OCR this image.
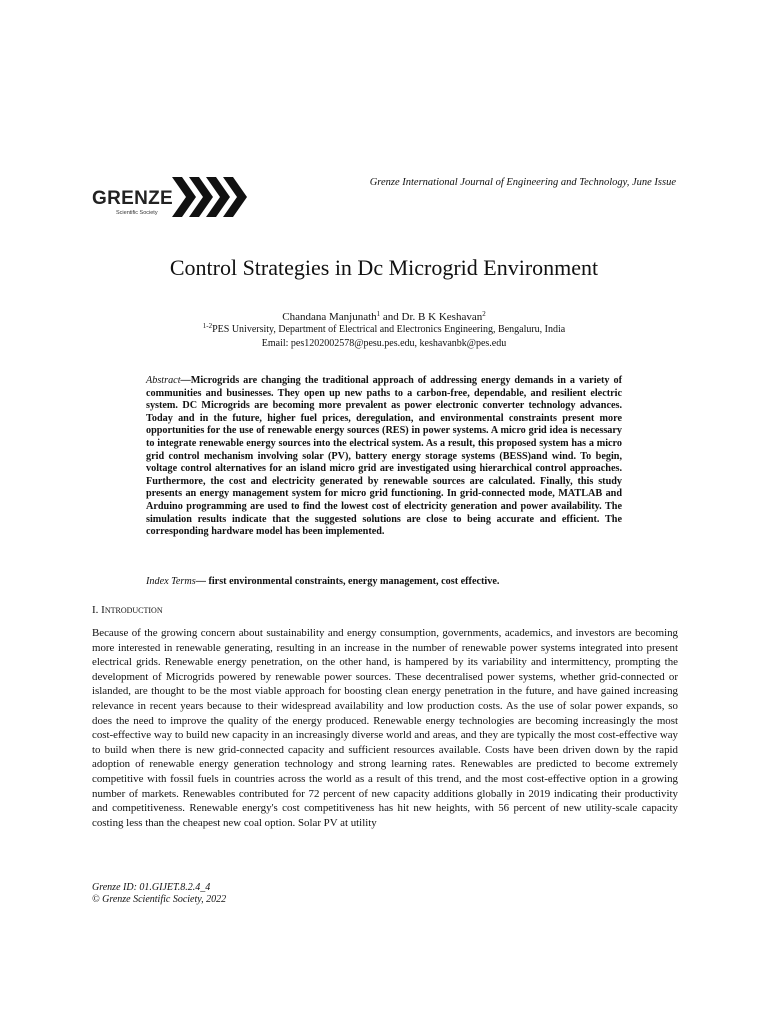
GRENZE
Scientific Society
Grenze International Journal of Engineering and Technology, June Issue
Control Strategies in Dc Microgrid Environment
Chandana Manjunath$^1$ and Dr. B K Keshavan$^2$
$^{1-2}$PES University, Department of Electrical and Electronics Engineering, Bengaluru, India
Email: pes1202002578@pesu.pes.edu, keshavanbk@pes.edu
Abstract—Microgrids are changing the traditional approach of addressing energy demands in a variety of communities and businesses. They open up new paths to a carbon-free, dependable, and resilient electric system. DC Microgrids are becoming more prevalent as power electronic converter technology advances. Today and in the future, higher fuel prices, deregulation, and environmental constraints present more opportunities for the use of renewable energy sources (RES) in power systems. A micro grid idea is necessary to integrate renewable energy sources into the electrical system. As a result, this proposed system has a micro grid control mechanism involving solar (PV), battery energy storage systems (BESS)and wind. To begin, voltage control alternatives for an island micro grid are investigated using hierarchical control approaches. Furthermore, the cost and electricity generated by renewable sources are calculated. Finally, this study presents an energy management system for micro grid functioning. In grid-connected mode, MATLAB and Arduino programming are used to find the lowest cost of electricity generation and power availability. The simulation results indicate that the suggested solutions are close to being accurate and efficient. The corresponding hardware model has been implemented.
Index Terms— first environmental constraints, energy management, cost effective.
I. Introduction
Because of the growing concern about sustainability and energy consumption, governments, academics, and investors are becoming more interested in renewable generating, resulting in an increase in the number of renewable power systems integrated into present electrical grids. Renewable energy penetration, on the other hand, is hampered by its variability and intermittency, prompting the development of Microgrids powered by renewable power sources. These decentralised power systems, whether grid-connected or islanded, are thought to be the most viable approach for boosting clean energy penetration in the future, and have gained increasing relevance in recent years because to their widespread availability and low production costs. As the use of solar power expands, so does the need to improve the quality of the energy produced. Renewable energy technologies are becoming increasingly the most cost-effective way to build new capacity in an increasingly diverse world and areas, and they are typically the most cost-effective way to build when there is new grid-connected capacity and sufficient resources available. Costs have been driven down by the rapid adoption of renewable energy generation technology and strong learning rates. Renewables are predicted to become extremely competitive with fossil fuels in countries across the world as a result of this trend, and the most cost-effective option in a growing number of markets. Renewables contributed for 72 percent of new capacity additions globally in 2019 indicating their productivity and competitiveness. Renewable energy's cost competitiveness has hit new heights, with 56 percent of new utility-scale capacity costing less than the cheapest new coal option. Solar PV at utility
Grenze ID: 01.GIJET.8.2.4_4
© Grenze Scientific Society, 2022
